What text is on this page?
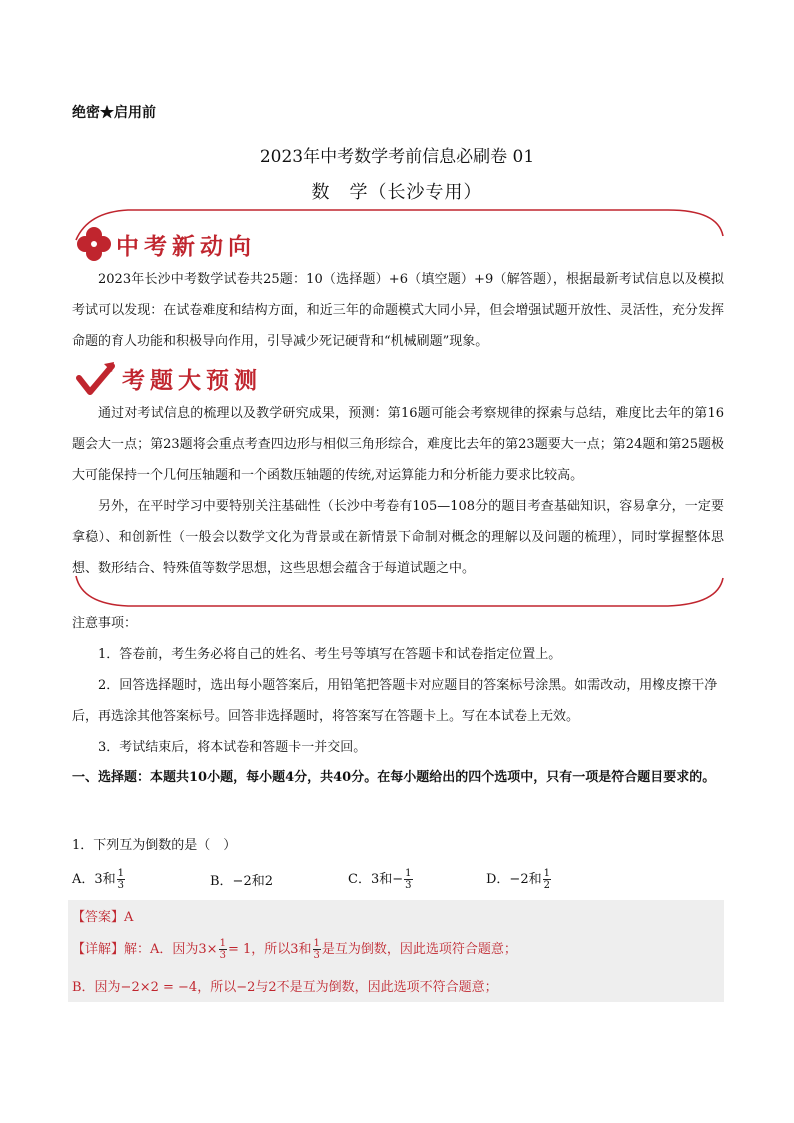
绝密★启用前
2023年中考数学考前信息必刷卷 01
数　学（长沙专用）
中考新动向

2023年长沙中考数学试卷共25题：10（选择题）+6（填空题）+9（解答题），根据最新考试信息以及模拟考试可以发现：在试卷难度和结构方面，和近三年的命题模式大同小异，但会增强试题开放性、灵活性，充分发挥命题的育人功能和积极导向作用，引导减少死记硬背和“机械刷题”现象。

考题大预测

通过对考试信息的梳理以及教学研究成果，预测：第16题可能会考察规律的探索与总结，难度比去年的第16题会大一点；第23题将会重点考查四边形与相似三角形综合，难度比去年的第23题要大一点；第24题和第25题极大可能保持一个几何压轴题和一个函数压轴题的传统,对运算能力和分析能力要求比较高。

另外，在平时学习中要特别关注基础性（长沙中考卷有105—108分的题目考查基础知识，容易拿分，一定要拿稳）、和创新性（一般会以数学文化为背景或在新情景下命制对概念的理解以及问题的梳理），同时掌握整体思想、数形结合、特殊值等数学思想，这些思想会蕴含于每道试题之中。

注意事项：

1．答卷前，考生务必将自己的姓名、考生号等填写在答题卡和试卷指定位置上。

2．回答选择题时，选出每小题答案后，用铅笔把答题卡对应题目的答案标号涂黑。如需改动，用橡皮擦干净后，再选涂其他答案标号。回答非选择题时，将答案写在答题卡上。写在本试卷上无效。

3．考试结束后，将本试卷和答题卡一并交回。

一、选择题：本题共10小题，每小题4分，共40分。在每小题给出的四个选项中，只有一项是符合题目要求的。

1．下列互为倒数的是（　）
A．3和 $\frac{1}{3}$	B．−2和2	C．3和− $\frac{1}{3}$	D．−2和 $\frac{1}{2}$
【答案】A
【详解】解：A．因为$3\times \frac{1}{3} = 1$，所以3和 $\frac{1}{3}$ 是互为倒数，因此选项符合题意；
B．因为−2×2 = −4，所以−2与2不是互为倒数，因此选项不符合题意；
